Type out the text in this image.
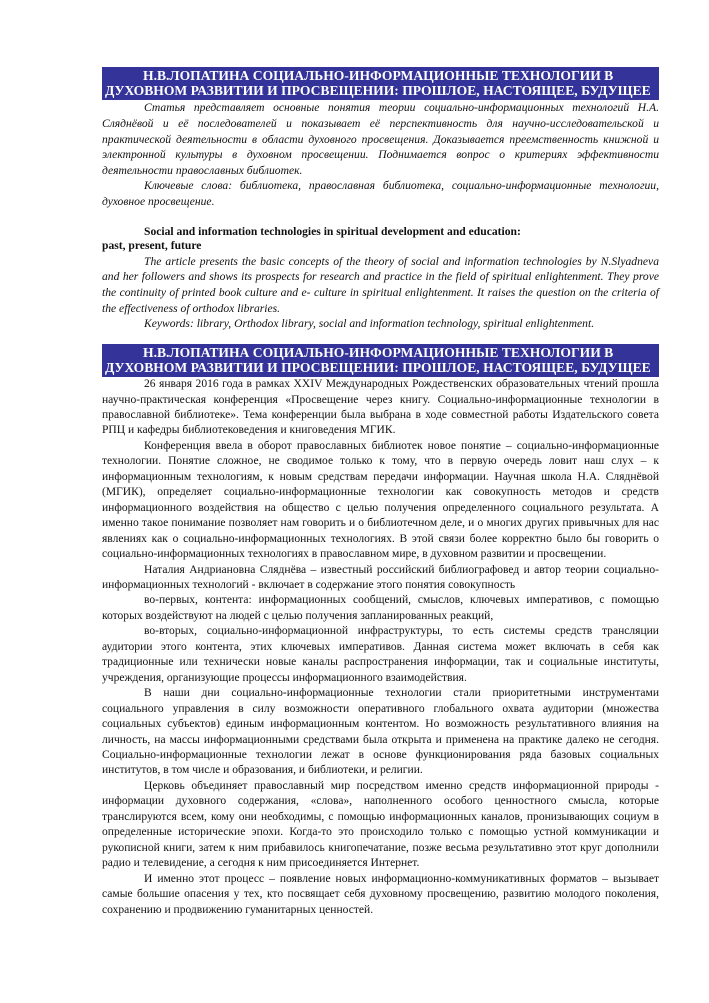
Н.В.ЛОПАТИНА СОЦИАЛЬНО-ИНФОРМАЦИОННЫЕ ТЕХНОЛОГИИ В ДУХОВНОМ РАЗВИТИИ И ПРОСВЕЩЕНИИ: ПРОШЛОЕ, НАСТОЯЩЕЕ, БУДУЩЕЕ

Статья представляет основные понятия теории социально-информационных технологий Н.А. Сляднёвой и её последователей и показывает её перспективность для научно-исследовательской и практической деятельности в области духовного просвещения. Доказывается преемственность книжной и электронной культуры в духовном просвещении. Поднимается вопрос о критериях эффективности деятельности православных библиотек.

Ключевые слова: библиотека, православная библиотека, социально-информационные технологии, духовное просвещение.

Social and information technologies in spiritual development and education:
past, present, future

The article presents the basic concepts of the theory of social and information technologies by N.Slyadneva and her followers and shows its prospects for research and practice in the field of spiritual enlightenment. They prove the continuity of printed book culture and e- culture in spiritual enlightenment. It raises the question on the criteria of the effectiveness of orthodox libraries.

Keywords: library, Orthodox library, social and information technology, spiritual enlightenment.

Н.В.ЛОПАТИНА СОЦИАЛЬНО-ИНФОРМАЦИОННЫЕ ТЕХНОЛОГИИ В ДУХОВНОМ РАЗВИТИИ И ПРОСВЕЩЕНИИ: ПРОШЛОЕ, НАСТОЯЩЕЕ, БУДУЩЕЕ

26 января 2016 года в рамках XXIV Международных Рождественских образовательных чтений прошла научно-практическая конференция «Просвещение через книгу. Социально-информационные технологии в православной библиотеке». Тема конференции была выбрана в ходе совместной работы Издательского совета РПЦ и кафедры библиотековедения и книговедения МГИК.

Конференция ввела в оборот православных библиотек новое понятие – социально-информационные технологии. Понятие сложное, не сводимое только к тому, что в первую очередь ловит наш слух – к информационным технологиям, к новым средствам передачи информации. Научная школа Н.А. Сляднёвой (МГИК), определяет социально-информационные технологии как совокупность методов и средств информационного воздействия на общество с целью получения определенного социального результата. А именно такое понимание позволяет нам говорить и о библиотечном деле, и о многих других привычных для нас явлениях как о социально-информационных технологиях. В этой связи более корректно было бы говорить о социально-информационных технологиях в православном мире, в духовном развитии и просвещении.

Наталия Андриановна Сляднёва – известный российский библиографовед и автор теории социально-информационных технологий - включает в содержание этого понятия совокупность

во-первых, контента: информационных сообщений, смыслов, ключевых императивов, с помощью которых воздействуют на людей с целью получения запланированных реакций,

во-вторых, социально-информационной инфраструктуры, то есть системы средств трансляции аудитории этого контента, этих ключевых императивов. Данная система может включать в себя как традиционные или технически новые каналы распространения информации, так и социальные институты, учреждения, организующие процессы информационного взаимодействия.

В наши дни социально-информационные технологии стали приоритетными инструментами социального управления в силу возможности оперативного глобального охвата аудитории (множества социальных субъектов) единым информационным контентом. Но возможность результативного влияния на личность, на массы информационными средствами была открыта и применена на практике далеко не сегодня. Социально-информационные технологии лежат в основе функционирования ряда базовых социальных институтов, в том числе и образования, и библиотеки, и религии.

Церковь объединяет православный мир посредством именно средств информационной природы - информации духовного содержания, «слова», наполненного особого ценностного смысла, которые транслируются всем, кому они необходимы, с помощью информационных каналов, пронизывающих социум в определенные исторические эпохи. Когда-то это происходило только с помощью устной коммуникации и рукописной книги, затем к ним прибавилось книгопечатание, позже весьма результативно этот круг дополнили радио и телевидение, а сегодня к ним присоединяется Интернет.

И именно этот процесс – появление новых информационно-коммуникативных форматов – вызывает самые большие опасения у тех, кто посвящает себя духовному просвещению, развитию молодого поколения, сохранению и продвижению гуманитарных ценностей.
